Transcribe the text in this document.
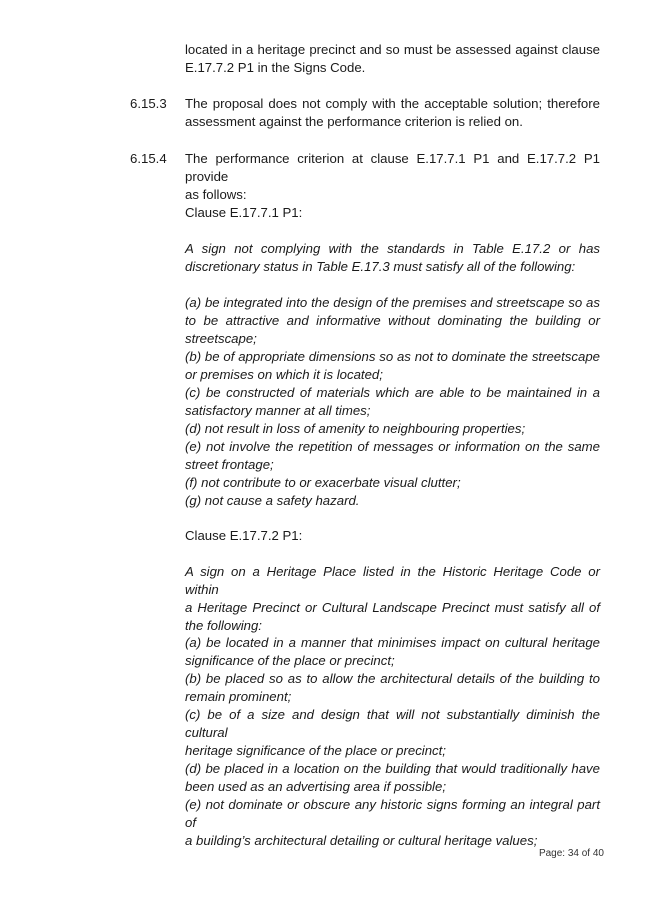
located in a heritage precinct and so must be assessed against clause
E.17.7.2 P1 in the Signs Code.
6.15.3 The proposal does not comply with the acceptable solution; therefore
assessment against the performance criterion is relied on.
6.15.4 The performance criterion at clause E.17.7.1 P1 and E.17.7.2 P1 provide
as follows:
Clause E.17.7.1 P1:
A sign not complying with the standards in Table E.17.2 or has
discretionary status in Table E.17.3 must satisfy all of the following:
(a) be integrated into the design of the premises and streetscape so as
to be attractive and informative without dominating the building or
streetscape;
(b) be of appropriate dimensions so as not to dominate the streetscape
or premises on which it is located;
(c) be constructed of materials which are able to be maintained in a
satisfactory manner at all times;
(d) not result in loss of amenity to neighbouring properties;
(e) not involve the repetition of messages or information on the same
street frontage;
(f) not contribute to or exacerbate visual clutter;
(g) not cause a safety hazard.
Clause E.17.7.2 P1:
A sign on a Heritage Place listed in the Historic Heritage Code or within
a Heritage Precinct or Cultural Landscape Precinct must satisfy all of
the following:
(a) be located in a manner that minimises impact on cultural heritage
significance of the place or precinct;
(b) be placed so as to allow the architectural details of the building to
remain prominent;
(c) be of a size and design that will not substantially diminish the cultural
heritage significance of the place or precinct;
(d) be placed in a location on the building that would traditionally have
been used as an advertising area if possible;
(e) not dominate or obscure any historic signs forming an integral part of
a building’s architectural detailing or cultural heritage values;
Page: 34 of 40
